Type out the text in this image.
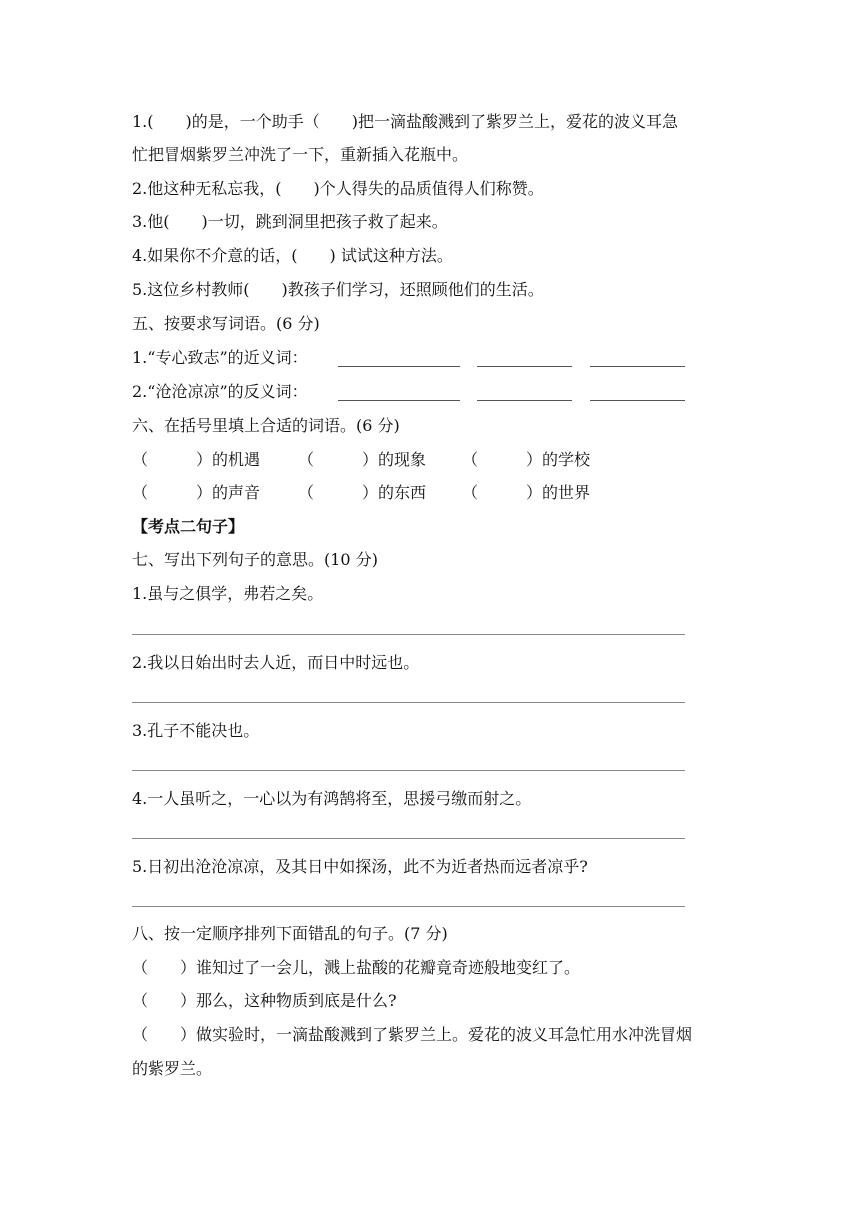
1.(　　)的是，一个助手（　　)把一滴盐酸溅到了紫罗兰上，爱花的波义耳急
忙把冒烟紫罗兰冲洗了一下，重新插入花瓶中。
2.他这种无私忘我，(　　)个人得失的品质值得人们称赞。
3.他(　　)一切，跳到洞里把孩子救了起来。
4.如果你不介意的话，(　　) 试试这种方法。
5.这位乡村教师(　　)教孩子们学习，还照顾他们的生活。
五、按要求写词语。(6 分)
1.“专心致志”的近义词：
2.“沧沧凉凉”的反义词：
六、在括号里填上合适的词语。(6 分)
（　　　）的机遇 （　　　）的现象 （　　　）的学校
（　　　）的声音 （　　　）的东西 （　　　）的世界
【考点二句子】
七、写出下列句子的意思。(10 分)
1.虽与之俱学，弗若之矣。
2.我以日始出时去人近，而日中时远也。
3.孔子不能决也。
4.一人虽听之，一心以为有鸿鹄将至，思援弓缴而射之。
5.日初出沧沧凉凉，及其日中如探汤，此不为近者热而远者凉乎?
八、按一定顺序排列下面错乱的句子。(7 分)
（　　）谁知过了一会儿，溅上盐酸的花瓣竟奇迹般地变红了。
（　　）那么，这种物质到底是什么?
（　　）做实验时，一滴盐酸溅到了紫罗兰上。爱花的波义耳急忙用水冲洗冒烟
的紫罗兰。
